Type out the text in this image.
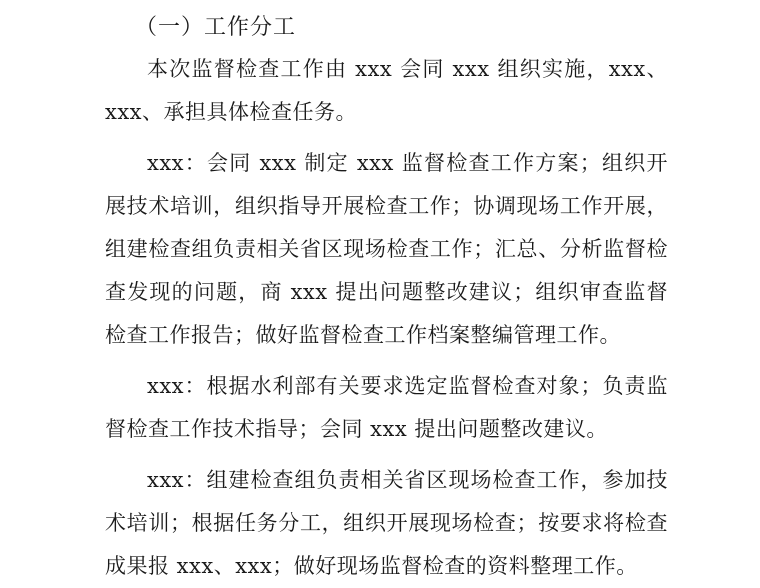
（一）工作分工

本次监督检查工作由 xxx 会同 xxx 组织实施，xxx、xxx、承担具体检查任务。

xxx：会同 xxx 制定 xxx 监督检查工作方案；组织开展技术培训，组织指导开展检查工作；协调现场工作开展，组建检查组负责相关省区现场检查工作；汇总、分析监督检查发现的问题，商 xxx 提出问题整改建议；组织审查监督检查工作报告；做好监督检查工作档案整编管理工作。

xxx：根据水利部有关要求选定监督检查对象；负责监督检查工作技术指导；会同 xxx 提出问题整改建议。

xxx：组建检查组负责相关省区现场检查工作，参加技术培训；根据任务分工，组织开展现场检查；按要求将检查成果报 xxx、xxx；做好现场监督检查的资料整理工作。
